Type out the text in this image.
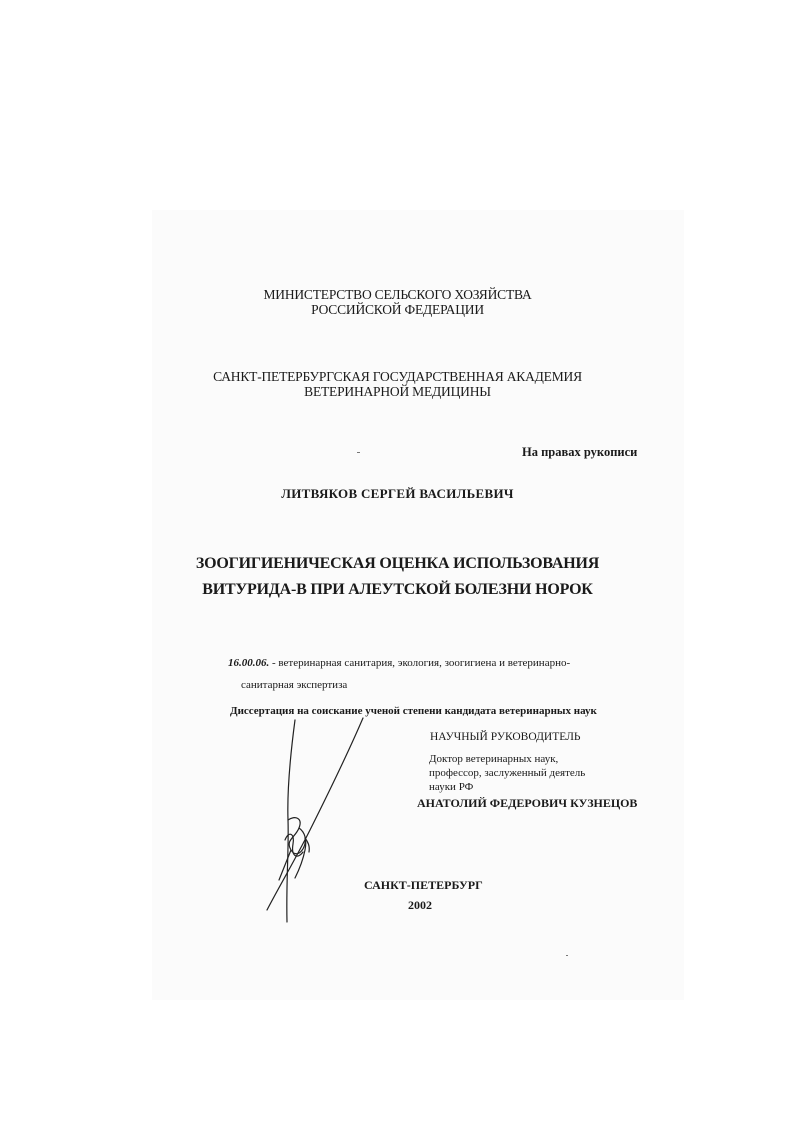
МИНИСТЕРСТВО СЕЛЬСКОГО ХОЗЯЙСТВА
РОССИЙСКОЙ ФЕДЕРАЦИИ
САНКТ-ПЕТЕРБУРГСКАЯ ГОСУДАРСТВЕННАЯ АКАДЕМИЯ
ВЕТЕРИНАРНОЙ МЕДИЦИНЫ
На правах рукописи
ЛИТВЯКОВ СЕРГЕЙ ВАСИЛЬЕВИЧ
ЗООГИГИЕНИЧЕСКАЯ ОЦЕНКА ИСПОЛЬЗОВАНИЯ
ВИТУРИДА-В ПРИ АЛЕУТСКОЙ БОЛЕЗНИ НОРОК
16.00.06. - ветеринарная санитария, экология, зоогигиена и ветеринарно-
санитарная экспертиза
Диссертация на соискание ученой степени кандидата ветеринарных наук
НАУЧНЫЙ РУКОВОДИТЕЛЬ
Доктор ветеринарных наук,
профессор, заслуженный деятель
науки РФ
АНАТОЛИЙ ФЕДЕРОВИЧ КУЗНЕЦОВ
САНКТ-ПЕТЕРБУРГ
2002
